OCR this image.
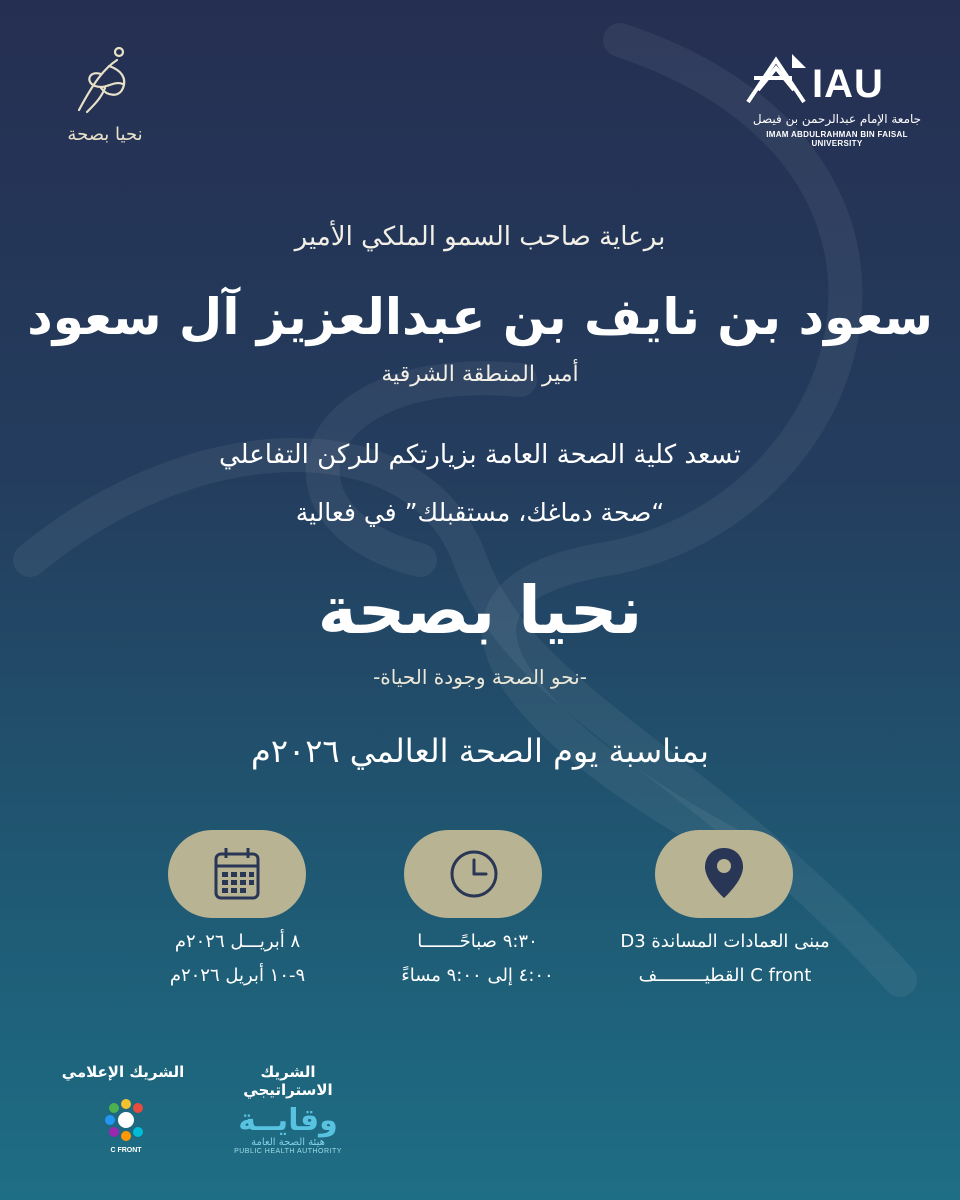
نحيا بصحة
IAU
جامعة الإمام عبدالرحمن بن فيصل
IMAM ABDULRAHMAN BIN FAISAL UNIVERSITY
برعاية صاحب السمو الملكي الأمير
سعود بن نايف بن عبدالعزيز آل سعود
أمير المنطقة الشرقية
تسعد كلية الصحة العامة بزيارتكم للركن التفاعلي
“صحة دماغك، مستقبلك” في فعالية
نحيا بصحة
-نحو الصحة وجودة الحياة-
بمناسبة يوم الصحة العالمي ٢٠٢٦م
٨ أبريـــل ٢٠٢٦م
٩-١٠ أبريل ٢٠٢٦م
٩:٣٠ صباحًـــــــا
٤:٠٠ إلى ٩:٠٠ مساءً
مبنى العمادات المساندة D3
C front القطيـــــــــف
الشريك الاستراتيجي
الشريك الإعلامي
وقايــة
هيئة الصحة العامة
PUBLIC HEALTH AUTHORITY
C FRONT
